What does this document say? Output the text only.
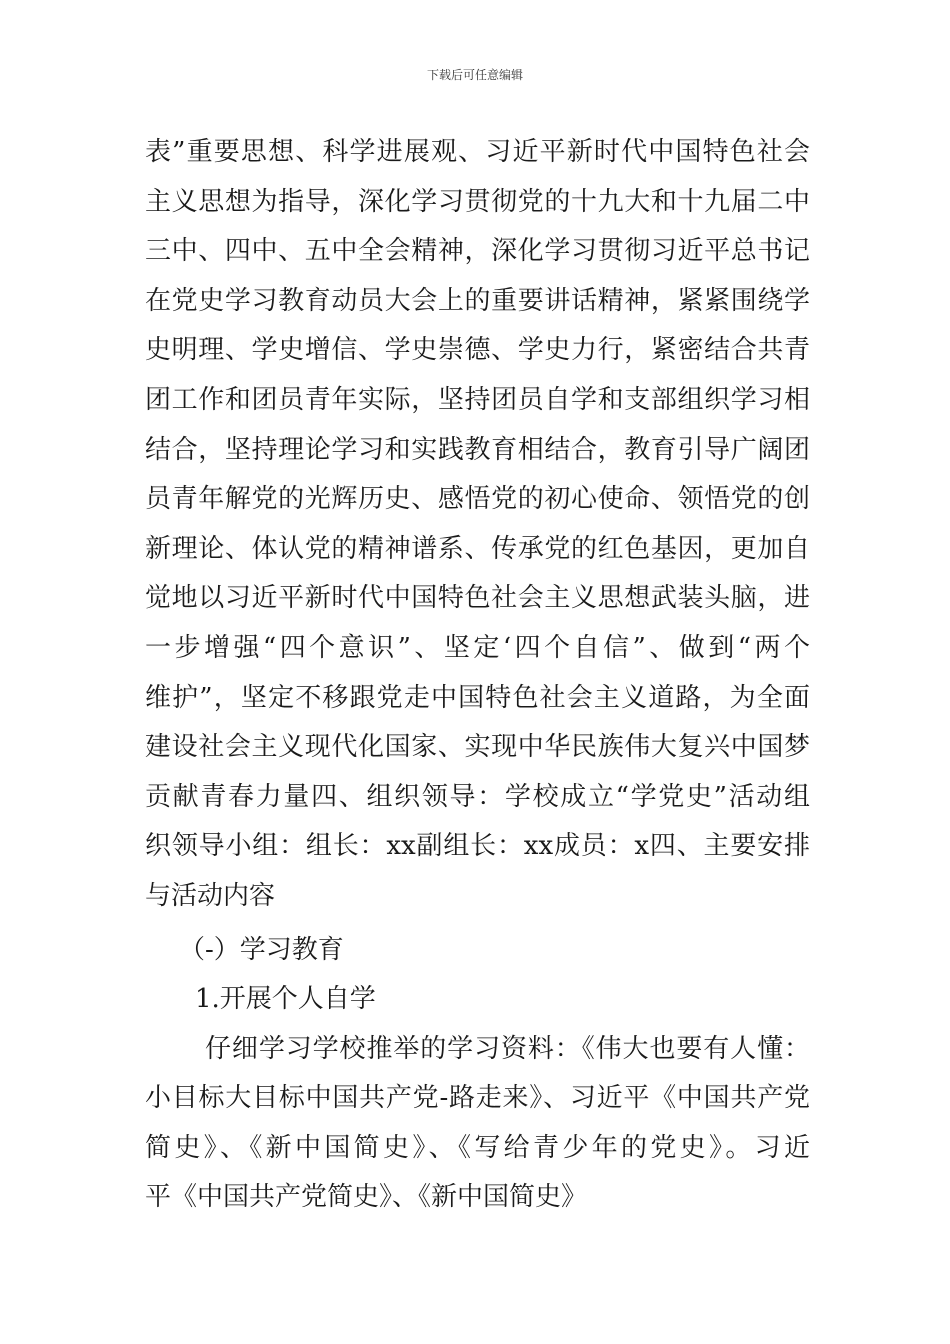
下载后可任意编辑
表”重要思想、科学进展观、习近平新时代中国特色社会
主义思想为指导，深化学习贯彻党的十九大和十九届二中
三中、四中、五中全会精神，深化学习贯彻习近平总书记
在党史学习教育动员大会上的重要讲话精神，紧紧围绕学
史明理、学史增信、学史崇德、学史力行，紧密结合共青
团工作和团员青年实际，坚持团员自学和支部组织学习相
结合，坚持理论学习和实践教育相结合，教育引导广阔团
员青年解党的光辉历史、感悟党的初心使命、领悟党的创
新理论、体认党的精神谱系、传承党的红色基因，更加自
觉地以习近平新时代中国特色社会主义思想武装头脑，进
一步增强“四个意识”、坚定‘四个自信”、做到“两个
维护”，坚定不移跟党走中国特色社会主义道路，为全面
建设社会主义现代化国家、实现中华民族伟大复兴中国梦
贡献青春力量四、组织领导：学校成立“学党史”活动组
织领导小组：组长：xx副组长：xx成员：x四、主要安排
与活动内容
（-）学习教育
1.开展个人自学
仔细学习学校推举的学习资料：《伟大也要有人懂：
小目标大目标中国共产党-路走来》、习近平《中国共产党
简史》、《新中国简史》、《写给青少年的党史》。习近
平《中国共产党简史》、《新中国简史》
